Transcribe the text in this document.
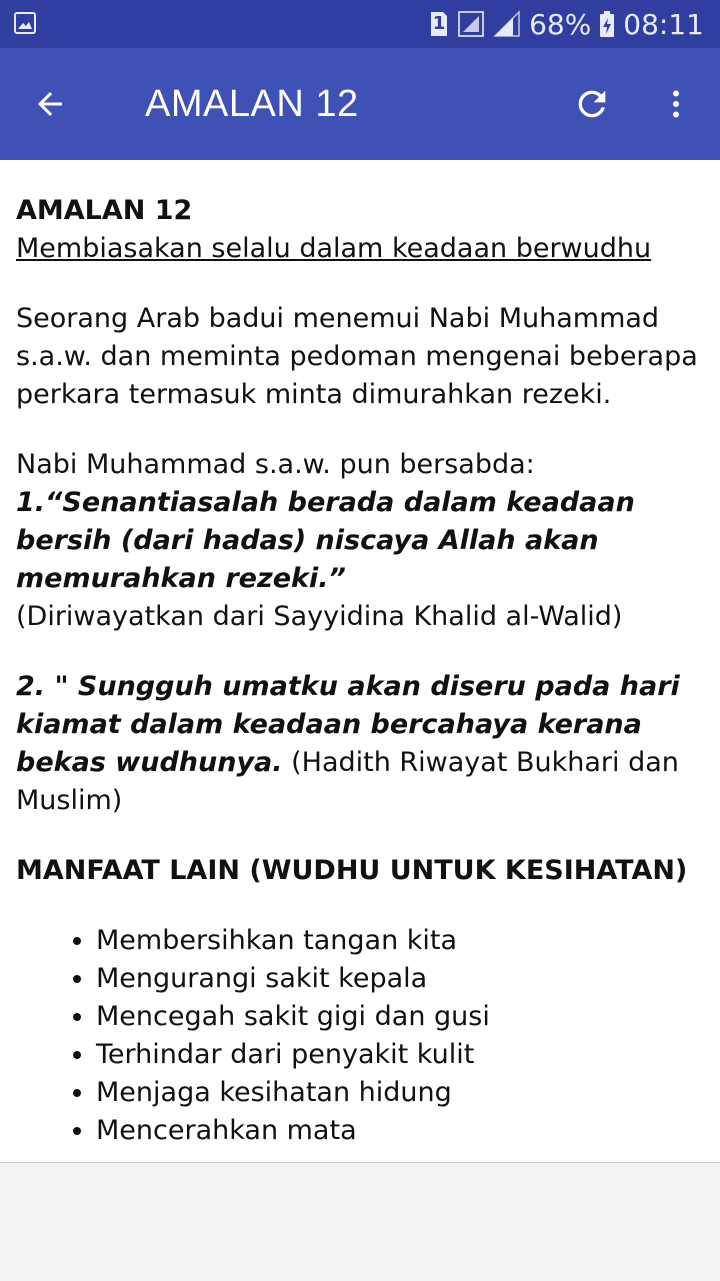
1	68% 08:11
AMALAN 12

AMALAN 12

Membiasakan selalu dalam keadaan berwudhu

Seorang Arab badui menemui Nabi Muhammad s.a.w. dan meminta pedoman mengenai beberapa perkara termasuk minta dimurahkan rezeki.

Nabi Muhammad s.a.w. pun bersabda:

1.“Senantiasalah berada dalam keadaan bersih (dari hadas) niscaya Allah akan memurahkan rezeki.”

(Diriwayatkan dari Sayyidina Khalid al-Walid)

2. " Sungguh umatku akan diseru pada hari kiamat dalam keadaan bercahaya kerana bekas wudhunya. (Hadith Riwayat Bukhari dan Muslim)

MANFAAT LAIN (WUDHU UNTUK KESIHATAN)

• Membersihkan tangan kita
• Mengurangi sakit kepala
• Mencegah sakit gigi dan gusi
• Terhindar dari penyakit kulit
• Menjaga kesihatan hidung
• Mencerahkan mata
